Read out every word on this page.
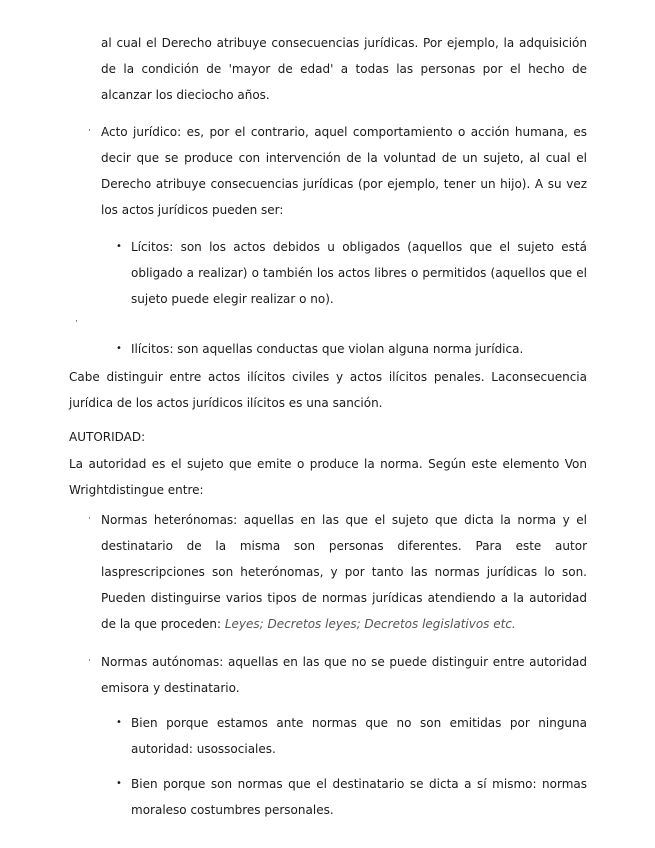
al cual el Derecho atribuye consecuencias jurídicas. Por ejemplo, la adquisición de la condición de 'mayor de edad' a todas las personas por el hecho de alcanzar los dieciocho años.

· Acto jurídico: es, por el contrario, aquel comportamiento o acción humana, es decir que se produce con intervención de la voluntad de un sujeto, al cual el Derecho atribuye consecuencias jurídicas (por ejemplo, tener un hijo). A su vez los actos jurídicos pueden ser:

• Lícitos: son los actos debidos u obligados (aquellos que el sujeto está obligado a realizar) o también los actos libres o permitidos (aquellos que el sujeto puede elegir realizar o no).

·
• Ilícitos: son aquellas conductas que violan alguna norma jurídica.

Cabe distinguir entre actos ilícitos civiles y actos ilícitos penales. Laconsecuencia jurídica de los actos jurídicos ilícitos es una sanción.

AUTORIDAD:

La autoridad es el sujeto que emite o produce la norma. Según este elemento Von Wrightdistingue entre:

· Normas heterónomas: aquellas en las que el sujeto que dicta la norma y el destinatario de la misma son personas diferentes. Para este autor lasprescripciones son heterónomas, y por tanto las normas jurídicas lo son. Pueden distinguirse varios tipos de normas jurídicas atendiendo a la autoridad de la que proceden: Leyes; Decretos leyes; Decretos legislativos etc.

· Normas autónomas: aquellas en las que no se puede distinguir entre autoridad emisora y destinatario.

• Bien porque estamos ante normas que no son emitidas por ninguna autoridad: usossociales.

• Bien porque son normas que el destinatario se dicta a sí mismo: normas moraleso costumbres personales.
